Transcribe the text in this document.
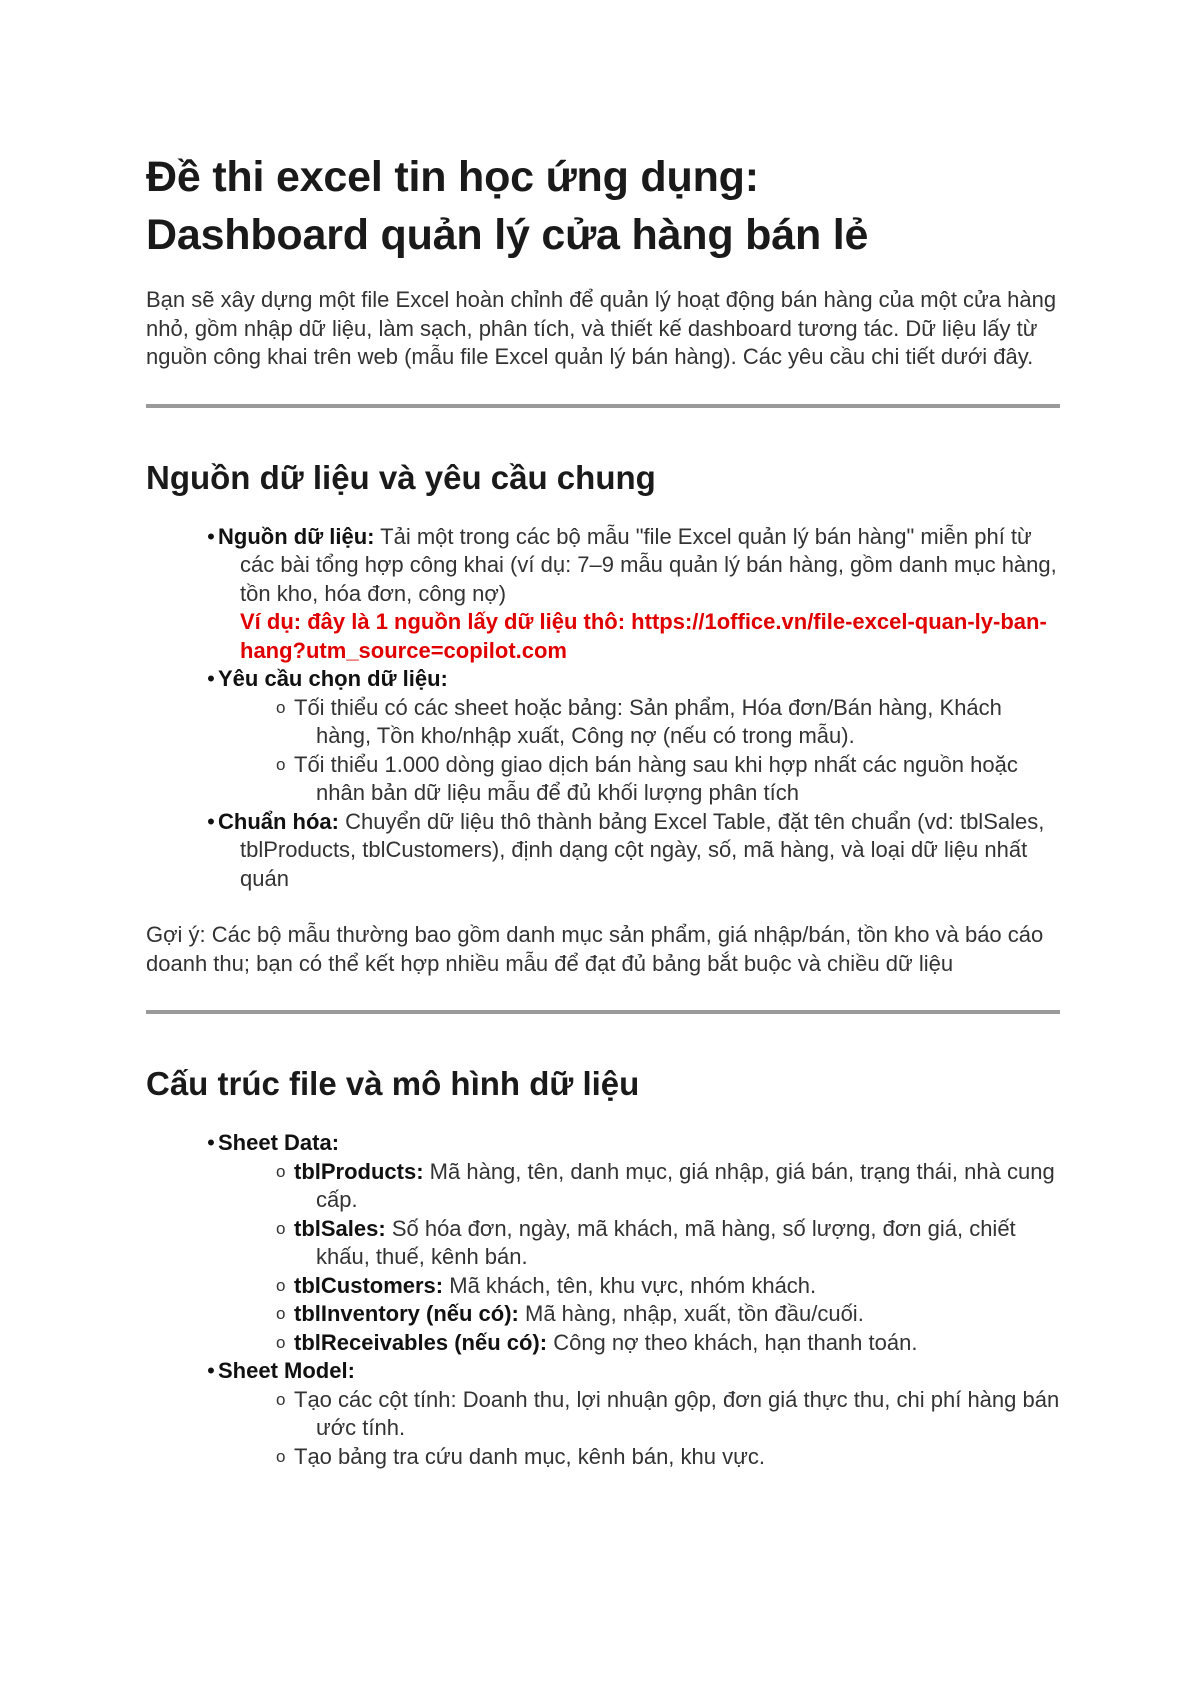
Đề thi excel tin học ứng dụng:
Dashboard quản lý cửa hàng bán lẻ

Bạn sẽ xây dựng một file Excel hoàn chỉnh để quản lý hoạt động bán hàng của một cửa hàng nhỏ, gồm nhập dữ liệu, làm sạch, phân tích, và thiết kế dashboard tương tác. Dữ liệu lấy từ nguồn công khai trên web (mẫu file Excel quản lý bán hàng). Các yêu cầu chi tiết dưới đây.

Nguồn dữ liệu và yêu cầu chung
• Nguồn dữ liệu: Tải một trong các bộ mẫu "file Excel quản lý bán hàng" miễn phí từ các bài tổng hợp công khai (ví dụ: 7–9 mẫu quản lý bán hàng, gồm danh mục hàng, tồn kho, hóa đơn, công nợ)
Ví dụ: đây là 1 nguồn lấy dữ liệu thô: https://1office.vn/file-excel-quan-ly-ban-hang?utm_source=copilot.com
• Yêu cầu chọn dữ liệu:
o Tối thiểu có các sheet hoặc bảng: Sản phẩm, Hóa đơn/Bán hàng, Khách hàng, Tồn kho/nhập xuất, Công nợ (nếu có trong mẫu).
o Tối thiểu 1.000 dòng giao dịch bán hàng sau khi hợp nhất các nguồn hoặc nhân bản dữ liệu mẫu để đủ khối lượng phân tích
• Chuẩn hóa: Chuyển dữ liệu thô thành bảng Excel Table, đặt tên chuẩn (vd: tblSales, tblProducts, tblCustomers), định dạng cột ngày, số, mã hàng, và loại dữ liệu nhất quán

Gợi ý: Các bộ mẫu thường bao gồm danh mục sản phẩm, giá nhập/bán, tồn kho và báo cáo doanh thu; bạn có thể kết hợp nhiều mẫu để đạt đủ bảng bắt buộc và chiều dữ liệu

Cấu trúc file và mô hình dữ liệu
• Sheet Data:
o tblProducts: Mã hàng, tên, danh mục, giá nhập, giá bán, trạng thái, nhà cung cấp.
o tblSales: Số hóa đơn, ngày, mã khách, mã hàng, số lượng, đơn giá, chiết khấu, thuế, kênh bán.
o tblCustomers: Mã khách, tên, khu vực, nhóm khách.
o tblInventory (nếu có): Mã hàng, nhập, xuất, tồn đầu/cuối.
o tblReceivables (nếu có): Công nợ theo khách, hạn thanh toán.
• Sheet Model:
o Tạo các cột tính: Doanh thu, lợi nhuận gộp, đơn giá thực thu, chi phí hàng bán ước tính.
o Tạo bảng tra cứu danh mục, kênh bán, khu vực.
